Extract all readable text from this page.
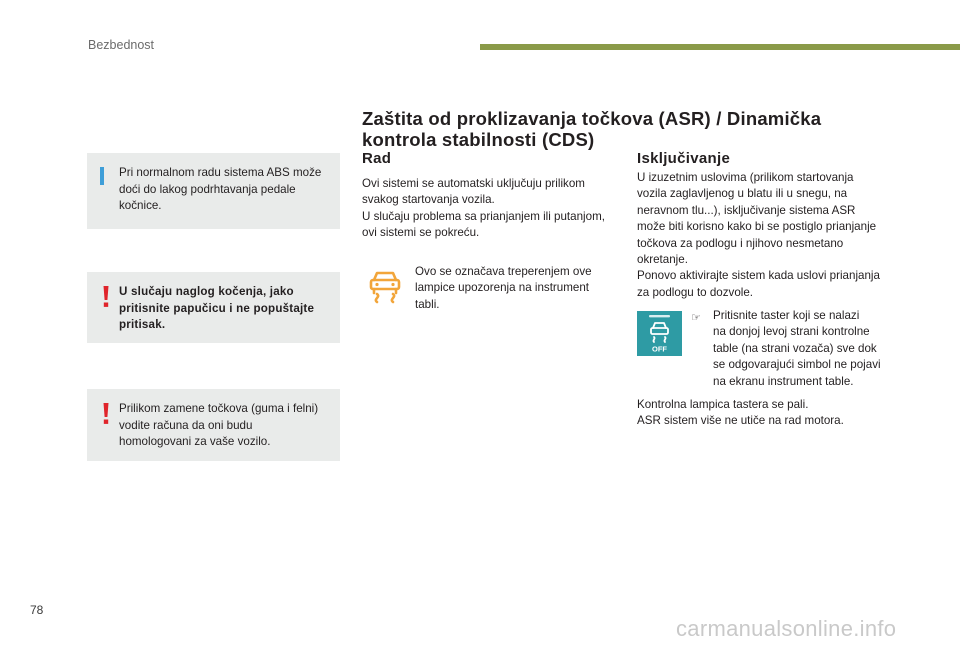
Bezbednost
Pri normalnom radu sistema ABS može doći do lakog podrhtavanja pedale kočnice.
U slučaju naglog kočenja, jako pritisnite papučicu i ne popuštajte pritisak.
Prilikom zamene točkova (guma i felni) vodite računa da oni budu homologovani za vaše vozilo.
Zaštita od proklizavanja točkova (ASR) / Dinamička
kontrola stabilnosti (CDS)
Rad
Ovi sistemi se automatski uključuju prilikom
svakog startovanja vozila.
U slučaju problema sa prianjanjem ili putanjom,
ovi sistemi se pokreću.
Ovo se označava treperenjem ove
lampice upozorenja na instrument
tabli.
Isključivanje
U izuzetnim uslovima (prilikom startovanja
vozila zaglavljenog u blatu ili u snegu, na
neravnom tlu...), isključivanje sistema ASR
može biti korisno kako bi se postiglo prianjanje
točkova za podlogu i njihovo nesmetano
okretanje.
Ponovo aktivirajte sistem kada uslovi prianjanja
za podlogu to dozvole.
OFF
☞ Pritisnite taster koji se nalazi
na donjoj levoj strani kontrolne
table (na strani vozača) sve dok
se odgovarajući simbol ne pojavi
na ekranu instrument table.
Kontrolna lampica tastera se pali.
ASR sistem više ne utiče na rad motora.
78
carmanualsonline.info
